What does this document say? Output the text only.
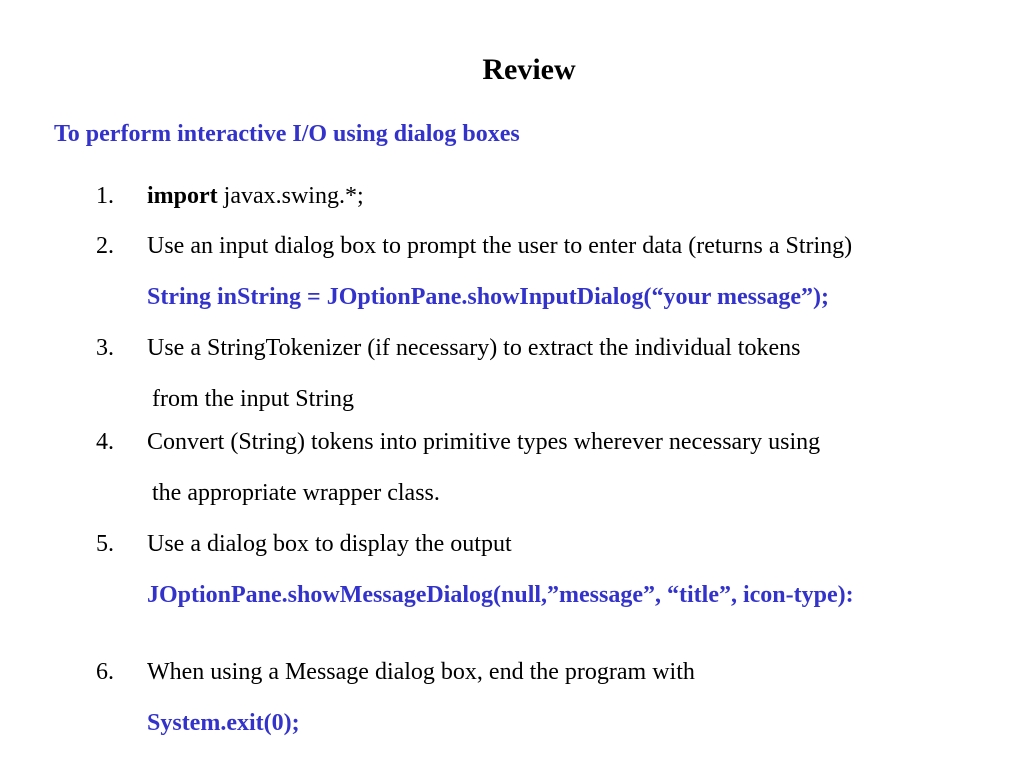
Review

To perform interactive I/O using dialog boxes

1. import javax.swing.*;
2. Use an input dialog box to prompt the user to enter data (returns a String)
String inString = JOptionPane.showInputDialog(“your message”);
3. Use a StringTokenizer (if necessary) to extract the individual tokens
from the input String
4. Convert (String) tokens into primitive types wherever necessary using
the appropriate wrapper class.
5. Use a dialog box to display the output
JOptionPane.showMessageDialog(null,”message”, “title”, icon-type):
6. When using a Message dialog box, end the program with
System.exit(0);
